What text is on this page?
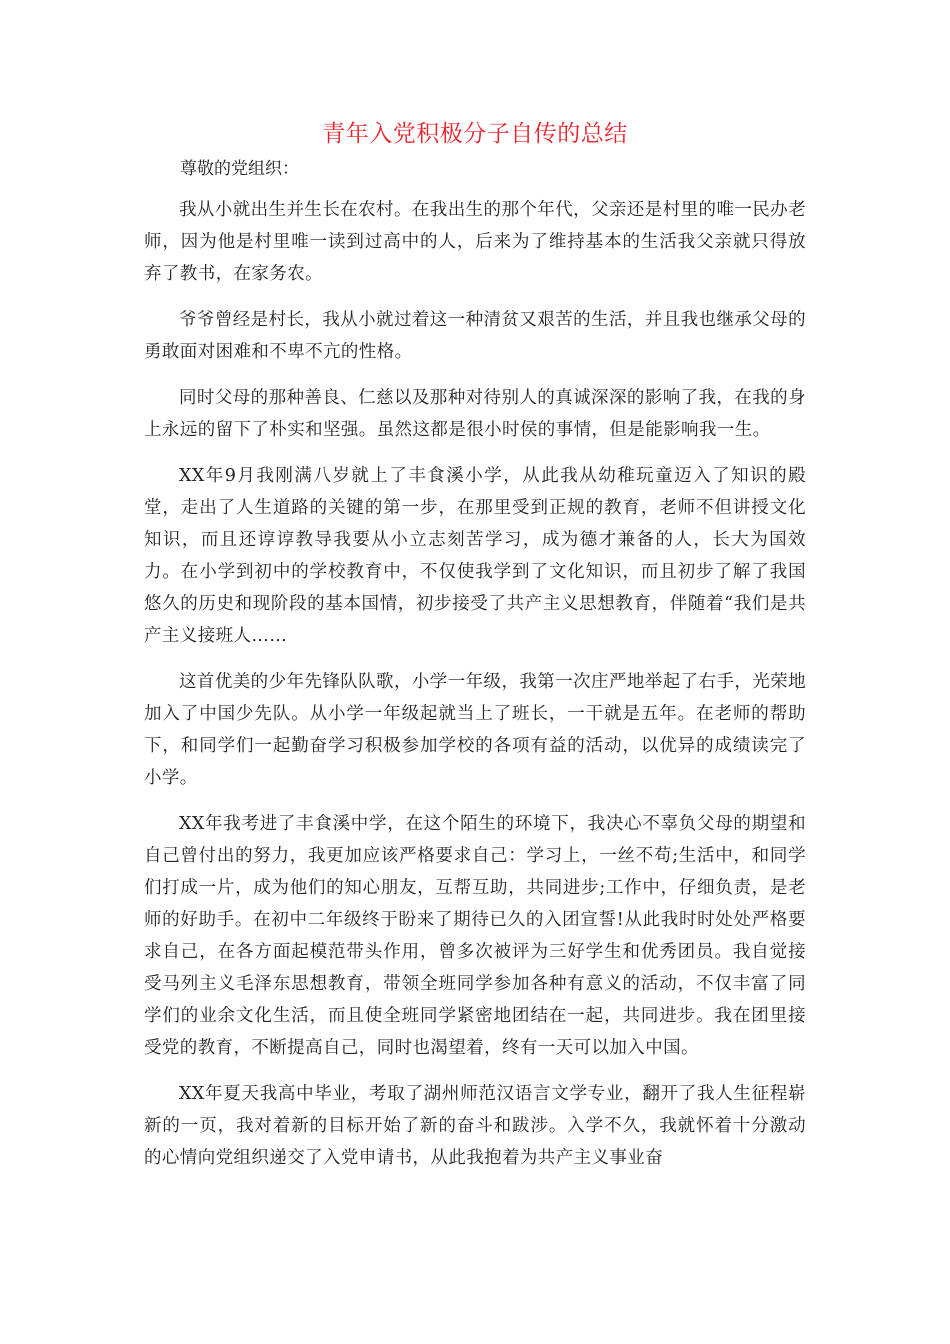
青年入党积极分子自传的总结
尊敬的党组织：

我从小就出生并生长在农村。在我出生的那个年代，父亲还是村里的唯一民办老师，因为他是村里唯一读到过高中的人，后来为了维持基本的生活我父亲就只得放弃了教书，在家务农。

爷爷曾经是村长，我从小就过着这一种清贫又艰苦的生活，并且我也继承父母的勇敢面对困难和不卑不亢的性格。

同时父母的那种善良、仁慈以及那种对待别人的真诚深深的影响了我，在我的身上永远的留下了朴实和坚强。虽然这都是很小时侯的事情，但是能影响我一生。

XX年9月我刚满八岁就上了丰食溪小学，从此我从幼稚玩童迈入了知识的殿堂，走出了人生道路的关键的第一步，在那里受到正规的教育，老师不但讲授文化知识，而且还谆谆教导我要从小立志刻苦学习，成为德才兼备的人，长大为国效力。在小学到初中的学校教育中，不仅使我学到了文化知识，而且初步了解了我国悠久的历史和现阶段的基本国情，初步接受了共产主义思想教育，伴随着“我们是共产主义接班人……

这首优美的少年先锋队队歌，小学一年级，我第一次庄严地举起了右手，光荣地加入了中国少先队。从小学一年级起就当上了班长，一干就是五年。在老师的帮助下，和同学们一起勤奋学习积极参加学校的各项有益的活动，以优异的成绩读完了小学。

XX年我考进了丰食溪中学，在这个陌生的环境下，我决心不辜负父母的期望和自己曾付出的努力，我更加应该严格要求自己：学习上，一丝不苟;生活中，和同学们打成一片，成为他们的知心朋友，互帮互助，共同进步;工作中，仔细负责，是老师的好助手。在初中二年级终于盼来了期待已久的入团宣誓!从此我时时处处严格要求自己，在各方面起模范带头作用，曾多次被评为三好学生和优秀团员。我自觉接受马列主义毛泽东思想教育，带领全班同学参加各种有意义的活动，不仅丰富了同学们的业余文化生活，而且使全班同学紧密地团结在一起，共同进步。我在团里接受党的教育，不断提高自己，同时也渴望着，终有一天可以加入中国。

XX年夏天我高中毕业，考取了湖州师范汉语言文学专业，翻开了我人生征程崭新的一页，我对着新的目标开始了新的奋斗和跋涉。入学不久，我就怀着十分激动的心情向党组织递交了入党申请书，从此我抱着为共产主义事业奋
